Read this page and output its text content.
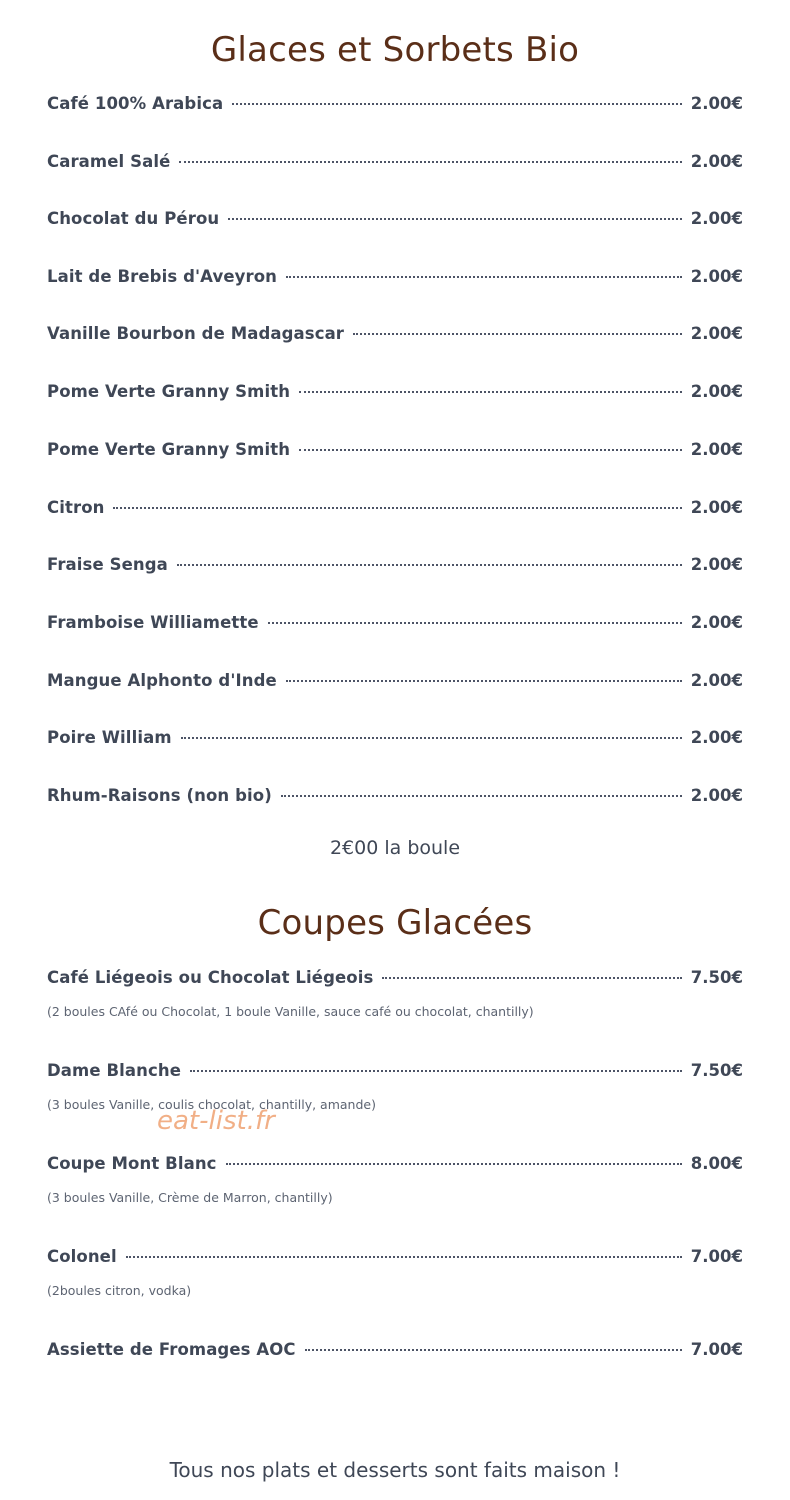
Glaces et Sorbets Bio
Café 100% Arabica	2.00€
Caramel Salé	2.00€
Chocolat du Pérou	2.00€
Lait de Brebis d'Aveyron	2.00€
Vanille Bourbon de Madagascar	2.00€
Pome Verte Granny Smith	2.00€
Pome Verte Granny Smith	2.00€
Citron	2.00€
Fraise Senga	2.00€
Framboise Williamette	2.00€
Mangue Alphonto d'Inde	2.00€
Poire William	2.00€
Rhum-Raisons (non bio)	2.00€
2€00 la boule
Coupes Glacées
Café Liégeois ou Chocolat Liégeois	7.50€
(2 boules CAfé ou Chocolat, 1 boule Vanille, sauce café ou chocolat, chantilly)
Dame Blanche	7.50€
(3 boules Vanille, coulis chocolat, chantilly, amande)
Coupe Mont Blanc	8.00€
(3 boules Vanille, Crème de Marron, chantilly)
Colonel	7.00€
(2boules citron, vodka)
Assiette de Fromages AOC	7.00€
eat-list.fr
Tous nos plats et desserts sont faits maison !
